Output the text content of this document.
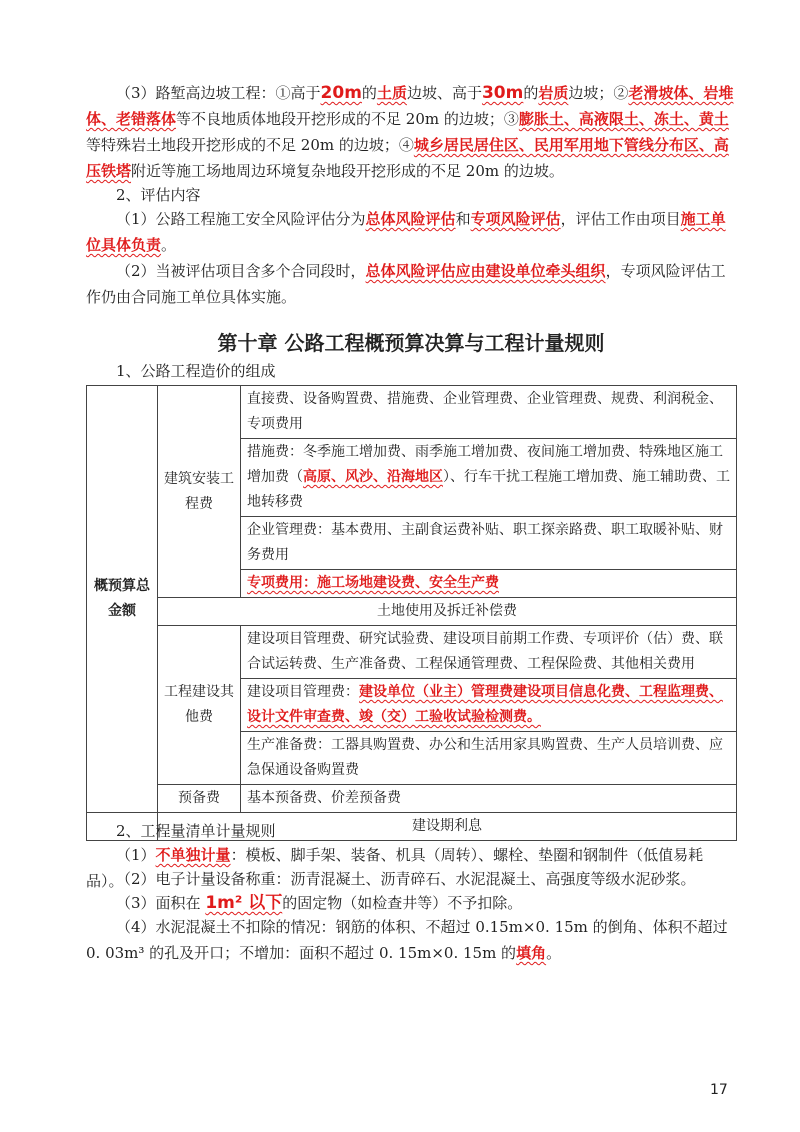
（3）路堑高边坡工程：①高于20m的土质边坡、高于30m的岩质边坡；②老滑坡体、岩堆体、老错落体等不良地质体地段开挖形成的不足 20m 的边坡；③膨胀土、高液限土、冻土、黄土等特殊岩土地段开挖形成的不足 20m 的边坡；④城乡居民居住区、民用军用地下管线分布区、高压铁塔附近等施工场地周边环境复杂地段开挖形成的不足 20m 的边坡。

2、评估内容

（1）公路工程施工安全风险评估分为总体风险评估和专项风险评估，评估工作由项目施工单位具体负责。

（2）当被评估项目含多个合同段时，总体风险评估应由建设单位牵头组织，专项风险评估工作仍由合同施工单位具体实施。

第十章 公路工程概预算决算与工程计量规则

1、公路工程造价的组成

概预算总金额	建筑安装工程费	直接费、设备购置费、措施费、企业管理费、企业管理费、规费、利润税金、专项费用
		措施费：冬季施工增加费、雨季施工增加费、夜间施工增加费、特殊地区施工增加费（高原、风沙、沿海地区）、行车干扰工程施工增加费、施工辅助费、工地转移费
		企业管理费：基本费用、主副食运费补贴、职工探亲路费、职工取暖补贴、财务费用
		专项费用：施工场地建设费、安全生产费
	土地使用及拆迁补偿费	
	工程建设其他费	建设项目管理费、研究试验费、建设项目前期工作费、专项评价（估）费、联合试运转费、生产准备费、工程保通管理费、工程保险费、其他相关费用
		建设项目管理费：建设单位（业主）管理费建设项目信息化费、工程监理费、设计文件审查费、竣（交）工验收试验检测费。
		生产准备费：工器具购置费、办公和生活用家具购置费、生产人员培训费、应急保通设备购置费
	预备费	基本预备费、价差预备费
	建设期利息	

2、工程量清单计量规则

（1）不单独计量：模板、脚手架、装备、机具（周转）、螺栓、垫圈和钢制件（低值易耗品）。

（2）电子计量设备称重：沥青混凝土、沥青碎石、水泥混凝土、高强度等级水泥砂浆。

（3）面积在 1m² 以下的固定物（如检查井等）不予扣除。

（4）水泥混凝土不扣除的情况：钢筋的体积、不超过 0.15m×0. 15m 的倒角、体积不超过 0. 03m³ 的孔及开口；不增加：面积不超过 0. 15m×0. 15m 的填角。

17
